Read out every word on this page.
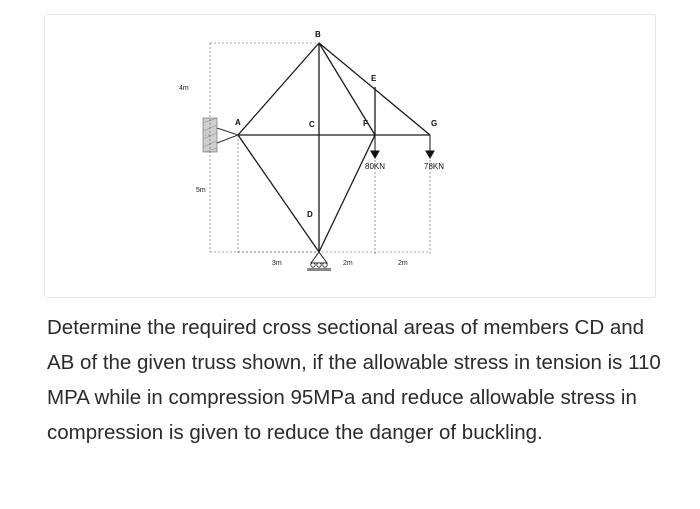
B
A	C
D
E
F	G
80KN	78KN
4m
5m
3m	2m	2m

Determine the required cross sectional areas of members CD and AB of the given truss shown, if the allowable stress in tension is 110 MPA while in compression 95MPa and reduce allowable stress in compression is given to reduce the danger of buckling.
